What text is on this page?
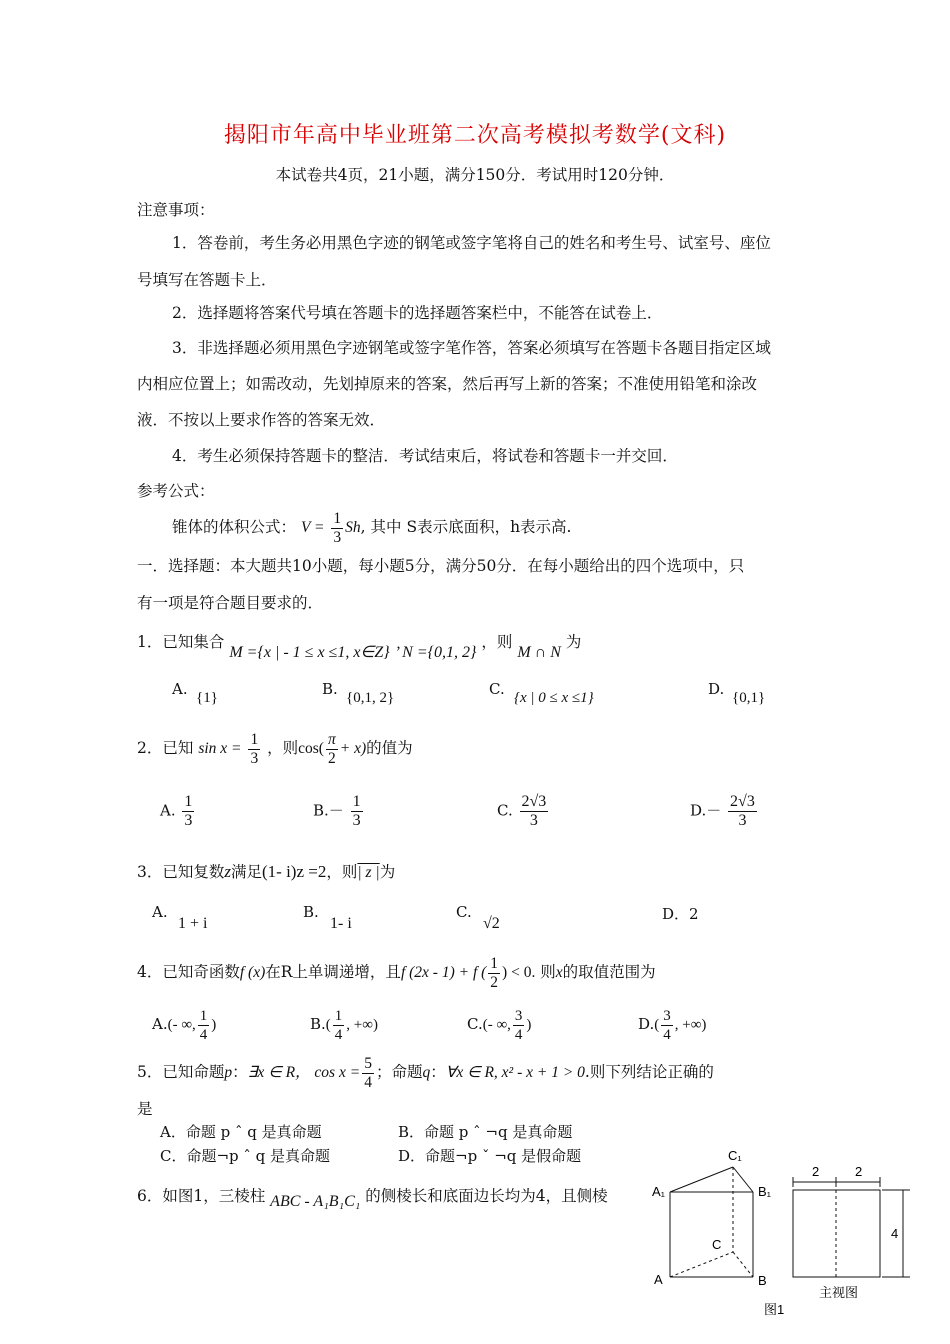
揭阳市年高中毕业班第二次高考模拟考数学(文科)
本试卷共4页，21小题，满分150分．考试用时120分钟．
注意事项：
1．答卷前，考生务必用黑色字迹的钢笔或签字笔将自己的姓名和考生号、试室号、座位
号填写在答题卡上．
2．选择题将答案代号填在答题卡的选择题答案栏中，不能答在试卷上．
3．非选择题必须用黑色字迹钢笔或签字笔作答，答案必须填写在答题卡各题目指定区域
内相应位置上；如需改动，先划掉原来的答案，然后再写上新的答案；不准使用铅笔和涂改
液．不按以上要求作答的答案无效．
4．考生必须保持答题卡的整洁．考试结束后，将试卷和答题卡一并交回．
参考公式：
锥体的体积公式： $V = \frac{1}{3} Sh$, 其中 S表示底面积，h表示高.
一．选择题：本大题共10小题，每小题5分，满分50分．在每小题给出的四个选项中，只
有一项是符合题目要求的．
1．已知集合 M ={x | - 1 ≤ x ≤1, x∈Z} ’ N ={0,1, 2} ，则 M ∩ N 为
A. {1}	B. {0,1, 2}	C. {x | 0 ≤ x ≤1}	D. {0,1}
2．已知 $\sin x = \frac{1}{3}$ ，则$\cos( \frac{\pi}{2} + x)$的值为
A. $\frac{1}{3}$	$B.- \frac{1}{3}$	C. $\frac{2√3}{3}$	$D.- \frac{2√3}{3}$
3．已知复数z满足(1- i)z =2，则| z |为
A.
1 + i
B.
1- i
C.
√2
D．2
4．已知奇函数f (x)在R上单调递增，且f (2x - 1) + f ( $\frac{1}{2}$ ) < 0. 则x的取值范围为
A.(- ∞, $\frac{1}{4}$ )	$B.( \frac{1}{4}$ , +∞)	C.(- ∞, $\frac{3}{4}$ )	$D.( \frac{3}{4}$ , +∞)
5．已知命题p：∃x ∈ R， $\cos x = \frac{5}{4}$ ；命题q：∀x ∈ R, x² - x + 1 > 0.则下列结论正确的
是
A．命题 p ˆ q 是真命题	B．命题 p ˆ ¬q 是真命题
C．命题¬p ˆ q 是真命题	D．命题¬p ˇ ¬q 是假命题
6．如图1，三棱柱 ABC - A₁B₁C₁ 的侧棱长和底面边长均为4，且侧棱
C₁
A₁	B₁
C
A	B
图1
2	2
4
主视图
